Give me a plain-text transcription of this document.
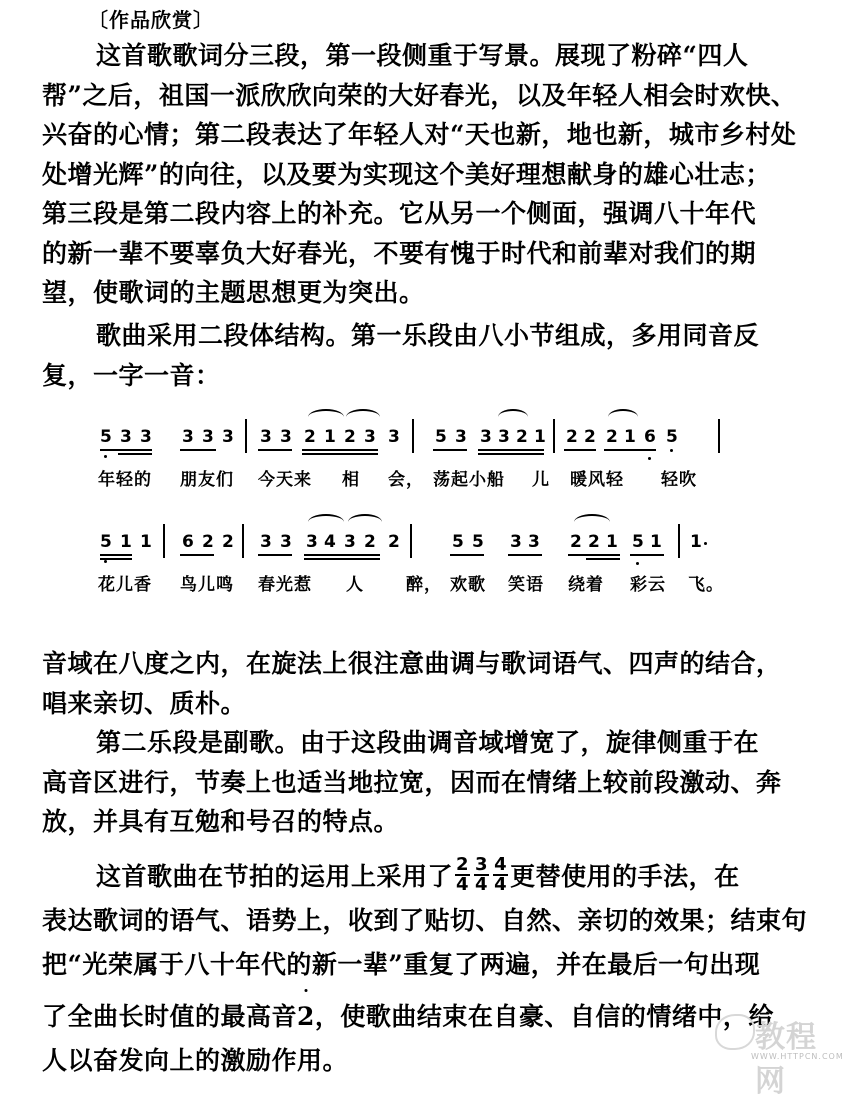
〔作品欣赏〕
这首歌歌词分三段，第一段侧重于写景。展现了粉碎“四人
帮”之后，祖国一派欣欣向荣的大好春光，以及年轻人相会时欢快、
兴奋的心情；第二段表达了年轻人对“天也新，地也新，城市乡村处
处增光辉”的向往，以及要为实现这个美好理想献身的雄心壮志；
第三段是第二段内容上的补充。它从另一个侧面，强调八十年代
的新一辈不要辜负大好春光，不要有愧于时代和前辈对我们的期
望，使歌词的主题思想更为突出。
歌曲采用二段体结构。第一乐段由八小节组成，多用同音反
复，一字一音：
5 3 3 3 3 3 3 3 2 1 2 3 3 5 3 3 3 2 1 2 2 2 1 6 5
年轻的 朋友们 今天来 相 会， 荡起小船 儿 暖风轻 轻吹
5 1 1 6 2 2 3 3 3 4 3 2 2	5 5 3 3 2 2 1 5 1 1
花儿香 鸟儿鸣 春光惹 人 醉， 欢歌 笑语 绕着 彩云 飞。
音域在八度之内，在旋法上很注意曲调与歌词语气、四声的结合，
唱来亲切、质朴。
第二乐段是副歌。由于这段曲调音域增宽了，旋律侧重于在
高音区进行，节奏上也适当地拉宽，因而在情绪上较前段激动、奔
放，并具有互勉和号召的特点。
这首歌曲在节拍的运用上采用了 $\frac{2}{4} \frac{3}{4} \frac{4}{4}$ 更替使用的手法，在
表达歌词的语气、语势上，收到了贴切、自然、亲切的效果；结束句
把“光荣属于八十年代的新一辈”重复了两遍，并在最后一句出现
了全曲长时值的最高音
2，使歌曲结束在自豪、自信的情绪中，给
人以奋发向上的激励作用。
教程网
WWW.HTTPCN.COM
